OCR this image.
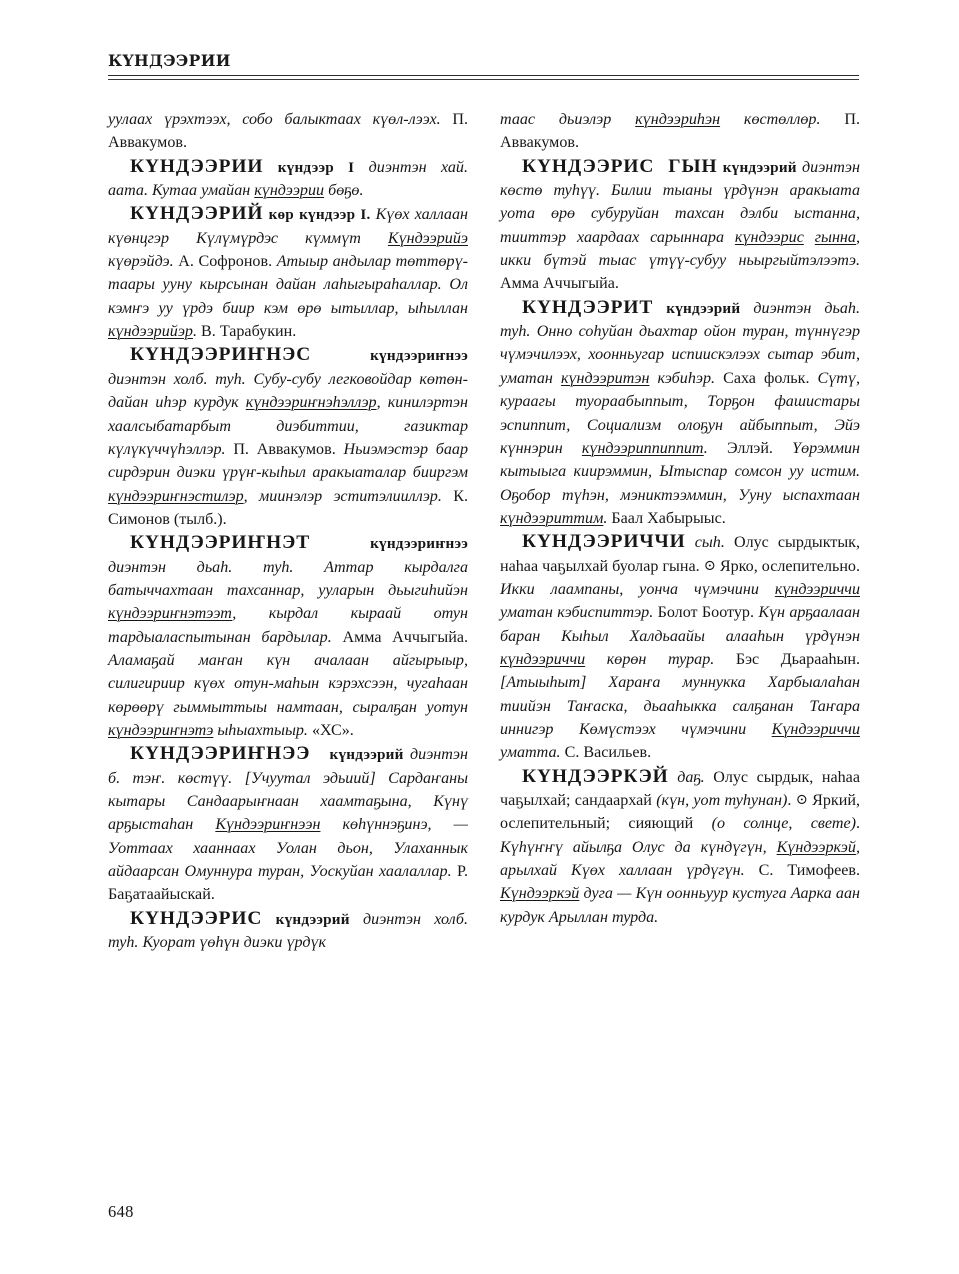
КҮНДЭЭРИИ

уулаах үрэхтээх, собо балыктаах күөл-лээх. П. Аввакумов.

КҮНДЭЭРИИ күндээр I диэнтэн хай. аата. Кутаа умайан күндээрии бөҕө.

КҮНДЭЭРИЙ көр күндээр I. Күөх халлаан күөнцгэр Күлүмүрдэс күммүт Күндээрийэ күөрэйдэ. А. Софронов. Атыыр андылар төттөрү-таары ууну кырсынан дайан лаһыгыраһаллар. Ол кэмҥэ уу үрдэ биир кэм өрө ытыллар, ыһыллан күндээрийэр. В. Тарабукин.

КҮНДЭЭРИҤНЭС	күндээриҥнээ диэнтэн холб. туһ. Субу-субу легковойдар көтөн-дайан иһэр курдук күндээриҥнэһэллэр, кинилэртэн хаалсыбатарбыт диэбиттии, газиктар күлүкүччүһэллэр. П. Аввакумов. Ньиэмэстэр баар сирдэрин диэки үрүҥ-кыһыл аракыаталар бииргэм күндээриҥнэстилэр, миинэлэр эститэлииллэр. К. Симонов (тылб.).

КҮНДЭЭРИҤНЭТ	күндээриҥнээ диэнтэн дьаһ. туһ. Аттар кырдалга батыччахтаан тахсаннар, ууларын дьыгиһийэн күндээриҥнэтээт, кырдал кыраай отун тардыаласпытынан бардылар. Амма Аччыгыйа. Аламаҕай маҥан күн ачалаан айгырыыр, силигириир күөх отун-маһын кэрэхсээн, чугаһаан көрөөрү гыммыттыы намтаан, сыралҕан уотун күндээриҥнэтэ ыһыахтыыр. «ХС».

КҮНДЭЭРИҤНЭЭ күндээрий диэнтэн б. тэҥ. көстүү. [Учуутал эдьиий] Сардаҥаны кытары Сандаарыҥнаан хаамтаҕына, Күнү арҕыстаһан Күндээриҥнээн көһүннэҕинэ, — Уоттаах хааннаах Уолан дьон, Улаханнык айдаарсан Омуннура туран, Уоскуйан хаалаллар. Р. Баҕатаайыскай.

КҮНДЭЭРИС күндээрий диэнтэн холб. туһ. Куорат үөһүн диэки үрдүк

таас дьиэлэр күндээриһэн көстөллөр. П. Аввакумов.

КҮНДЭЭРИС  ГЫН күндээрий диэнтэн көстө туһүү. Билии тыаны үрдүнэн аракыата уота өрө субуруйан тахсан дэлби ыстанна, тииттэр хаардаах сарыннара күндээрис гынна, икки бүтэй тыас үтүү-субуу ньыргыйтэлээтэ. Амма Аччыгыйа.

КҮНДЭЭРИТ күндээрий диэнтэн дьаһ. туһ. Онно соһуйан дьахтар ойон туран, түннүгэр чүмэчилээх, хоонньугар испиискэлээх сытар эбит, уматан күндээритэн кэбиһэр. Саха фольк. Сүтү, кураагы туораабыппыт, Торҕон фашистары эспиппит, Социализм олоҕун айбыппыт, Эйэ күннэрин күндээриппиппит. Эллэй. Үөрэммин кытыыга киирэммин, Ытыспар сомсон уу истим. Оҕобор түһэн, мэниктээммин, Ууну ыспахтаан күндээриттим. Баал Хабырыыс.

КҮНДЭЭРИЧЧИ сыһ. Олус сырдыктык, наһаа чаҕылхай буолар гына. ⊙ Ярко, ослепительно. Икки лаампаны, уонча чүмэчини күндээриччи уматан кэбиспиттэр. Болот Боотур. Күн арҕаалаан баран Кыһыл Халдьаайы алааһын үрдүнэн күндээриччи көрөн турар. Бэс Дьарааһын. [Атыыһыт] Хараҥа муннукка Харбыалаһан тиийэн Таҥаска, дьааһыкка салҕанан Таҥара иннигэр Көмүстээх чүмэчини Күндээриччи уматта. С. Васильев.

КҮНДЭЭРКЭЙ даҕ. Олус сырдык, наһаа чаҕылхай; сандаархай (күн, уот туһунан). ⊙ Яркий, ослепительный; сияющий (о солнце, свете). Күһүҥҥү айылҕа Олус да күндүгүн, Күндээркэй, арылхай Күөх халлаан үрдүгүн. С. Тимофеев. Күндээркэй дуга — Күн оонньуур кустуга Аарка аан курдук Арыллан турда.

648
